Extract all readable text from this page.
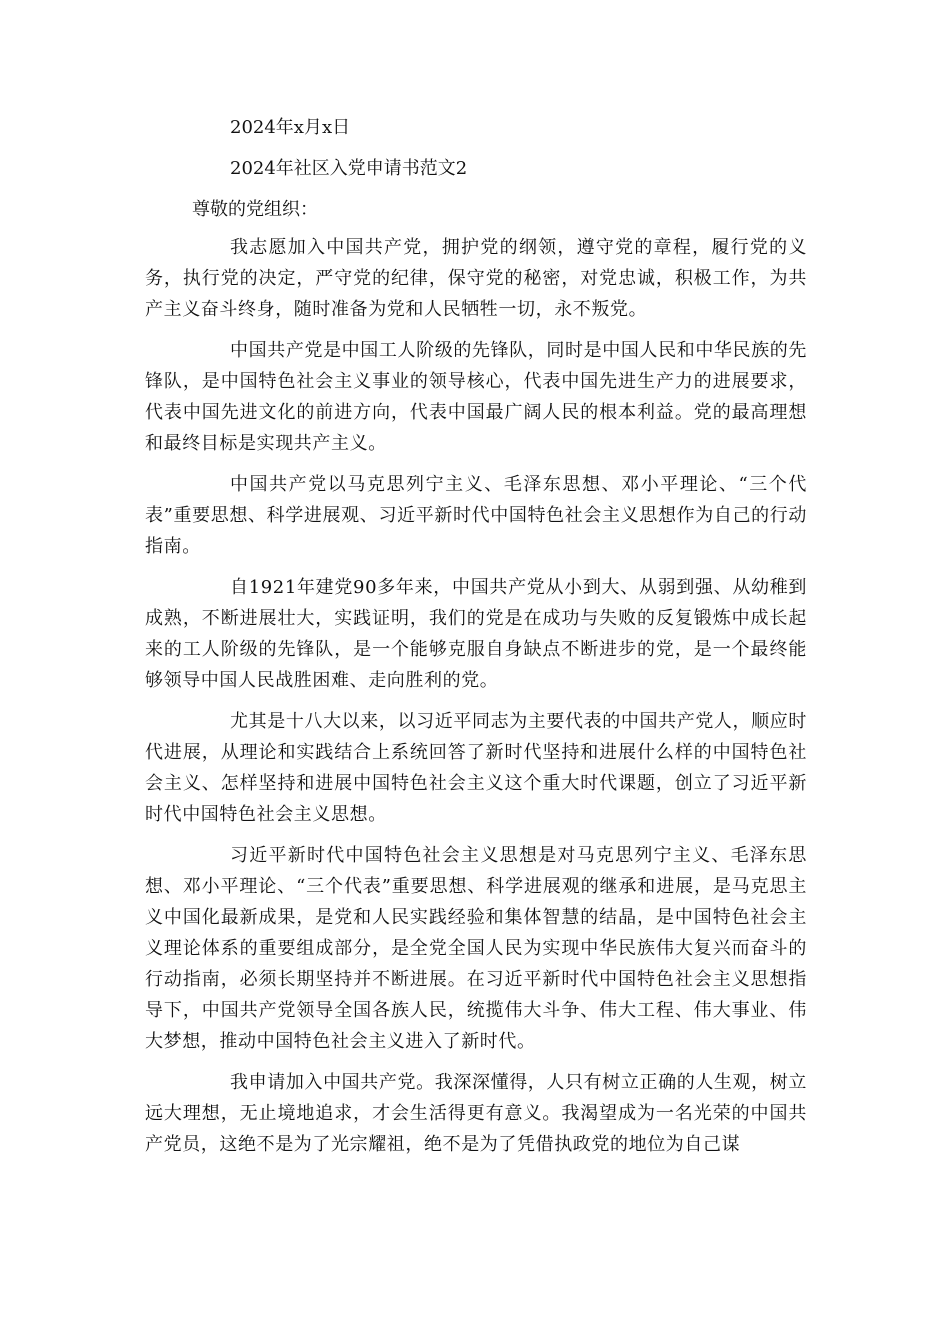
2024年x月x日
2024年社区入党申请书范文2
尊敬的党组织：

我志愿加入中国共产党，拥护党的纲领，遵守党的章程，履行党的义务，执行党的决定，严守党的纪律，保守党的秘密，对党忠诚，积极工作，为共产主义奋斗终身，随时准备为党和人民牺牲一切，永不叛党。

中国共产党是中国工人阶级的先锋队，同时是中国人民和中华民族的先锋队，是中国特色社会主义事业的领导核心，代表中国先进生产力的进展要求，代表中国先进文化的前进方向，代表中国最广阔人民的根本利益。党的最高理想和最终目标是实现共产主义。

中国共产党以马克思列宁主义、毛泽东思想、邓小平理论、“三个代表”重要思想、科学进展观、习近平新时代中国特色社会主义思想作为自己的行动指南。

自1921年建党90多年来，中国共产党从小到大、从弱到强、从幼稚到成熟，不断进展壮大，实践证明，我们的党是在成功与失败的反复锻炼中成长起来的工人阶级的先锋队，是一个能够克服自身缺点不断进步的党，是一个最终能够领导中国人民战胜困难、走向胜利的党。

尤其是十八大以来，以习近平同志为主要代表的中国共产党人，顺应时代进展，从理论和实践结合上系统回答了新时代坚持和进展什么样的中国特色社会主义、怎样坚持和进展中国特色社会主义这个重大时代课题，创立了习近平新时代中国特色社会主义思想。

习近平新时代中国特色社会主义思想是对马克思列宁主义、毛泽东思想、邓小平理论、“三个代表”重要思想、科学进展观的继承和进展，是马克思主义中国化最新成果，是党和人民实践经验和集体智慧的结晶，是中国特色社会主义理论体系的重要组成部分，是全党全国人民为实现中华民族伟大复兴而奋斗的行动指南，必须长期坚持并不断进展。在习近平新时代中国特色社会主义思想指导下，中国共产党领导全国各族人民，统揽伟大斗争、伟大工程、伟大事业、伟大梦想，推动中国特色社会主义进入了新时代。

我申请加入中国共产党。我深深懂得，人只有树立正确的人生观，树立远大理想，无止境地追求，才会生活得更有意义。我渴望成为一名光荣的中国共产党员，这绝不是为了光宗耀祖，绝不是为了凭借执政党的地位为自己谋
